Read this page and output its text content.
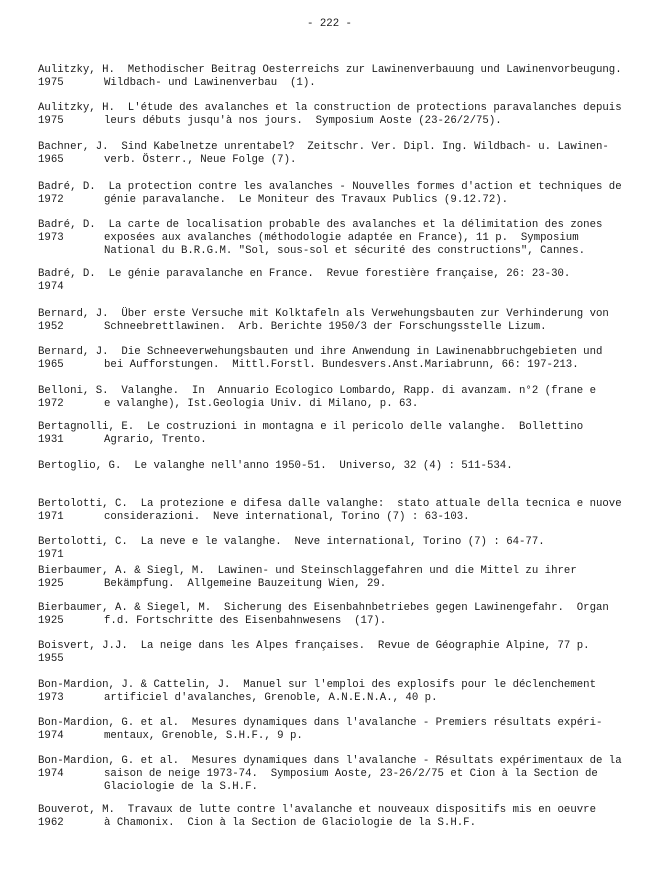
- 222 -
Aulitzky, H.  Methodischer Beitrag Oesterreichs zur Lawinenverbauung und Lawinenvorbeugung.
1975	Wildbach- und Lawinenverbau  (1).
Aulitzky, H.  L'étude des avalanches et la construction de protections paravalanches depuis
1975	leurs débuts jusqu'à nos jours.  Symposium Aoste (23-26/2/75).
Bachner, J.  Sind Kabelnetze unrentabel?  Zeitschr. Ver. Dipl. Ing. Wildbach- u. Lawinen-
1965	verb. Österr., Neue Folge (7).
Badré, D.  La protection contre les avalanches - Nouvelles formes d'action et techniques de
1972	génie paravalanche.  Le Moniteur des Travaux Publics (9.12.72).
Badré, D.  La carte de localisation probable des avalanches et la délimitation des zones
1973	exposées aux avalanches (méthodologie adaptée en France), 11 p.  Symposium
National du B.R.G.M. "Sol, sous-sol et sécurité des constructions", Cannes.
Badré, D.  Le génie paravalanche en France.  Revue forestière française, 26: 23-30.
1974
Bernard, J.  Über erste Versuche mit Kolktafeln als Verwehungsbauten zur Verhinderung von
1952	Schneebrettlawinen.  Arb. Berichte 1950/3 der Forschungsstelle Lizum.
Bernard, J.  Die Schneeverwehungsbauten und ihre Anwendung in Lawinenabbruchgebieten und
1965	bei Aufforstungen.  Mittl.Forstl. Bundesvers.Anst.Mariabrunn, 66: 197-213.
Belloni, S.  Valanghe.  In  Annuario Ecologico Lombardo, Rapp. di avanzam. n°2 (frane e
1972	e valanghe), Ist.Geologia Univ. di Milano, p. 63.
Bertagnolli, E.  Le costruzioni in montagna e il pericolo delle valanghe.  Bollettino
1931	Agrario, Trento.
Bertoglio, G.  Le valanghe nell'anno 1950-51.  Universo, 32 (4) : 511-534.
Bertolotti, C.  La protezione e difesa dalle valanghe:  stato attuale della tecnica e nuove
1971	considerazioni.  Neve international, Torino (7) : 63-103.
Bertolotti, C.  La neve e le valanghe.  Neve international, Torino (7) : 64-77.
1971
Bierbaumer, A. & Siegl, M.  Lawinen- und Steinschlaggefahren und die Mittel zu ihrer
1925	Bekämpfung.  Allgemeine Bauzeitung Wien, 29.
Bierbaumer, A. & Siegel, M.  Sicherung des Eisenbahnbetriebes gegen Lawinengefahr.  Organ
1925	f.d. Fortschritte des Eisenbahnwesens  (17).
Boisvert, J.J.  La neige dans les Alpes françaises.  Revue de Géographie Alpine, 77 p.
1955
Bon-Mardion, J. & Cattelin, J.  Manuel sur l'emploi des explosifs pour le déclenchement
1973	artificiel d'avalanches, Grenoble, A.N.E.N.A., 40 p.
Bon-Mardion, G. et al.  Mesures dynamiques dans l'avalanche - Premiers résultats expéri-
1974	mentaux, Grenoble, S.H.F., 9 p.
Bon-Mardion, G. et al.  Mesures dynamiques dans l'avalanche - Résultats expérimentaux de la
1974	saison de neige 1973-74.  Symposium Aoste, 23-26/2/75 et Cion à la Section de
Glaciologie de la S.H.F.
Bouverot, M.  Travaux de lutte contre l'avalanche et nouveaux dispositifs mis en oeuvre
1962	à Chamonix.  Cion à la Section de Glaciologie de la S.H.F.
